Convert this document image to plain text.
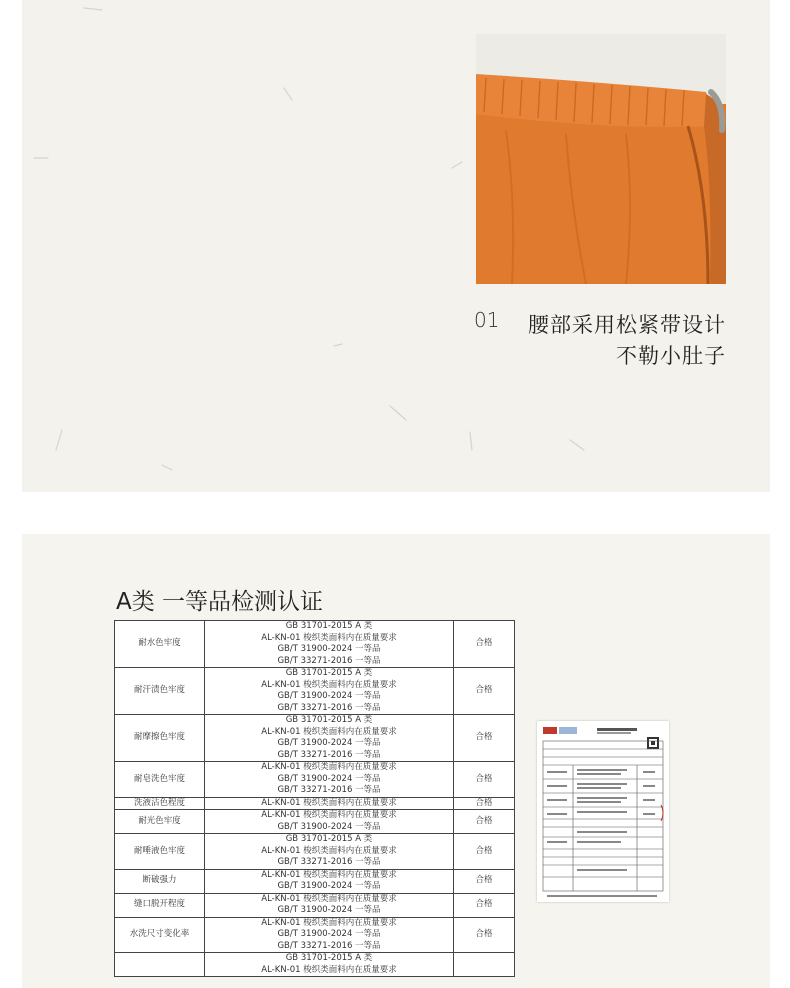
01 腰部采用松紧带设计
不勒小肚子
A类 一等品检测认证
耐水色牢度	GB 31701-2015 A 类
AL-KN-01 梭织类面料内在质量要求
GB/T 31900-2024 一等品
GB/T 33271-2016 一等品	合格
耐汗渍色牢度	GB 31701-2015 A 类
AL-KN-01 梭织类面料内在质量要求
GB/T 31900-2024 一等品
GB/T 33271-2016 一等品	合格
耐摩擦色牢度	GB 31701-2015 A 类
AL-KN-01 梭织类面料内在质量要求
GB/T 31900-2024 一等品
GB/T 33271-2016 一等品	合格
耐皂洗色牢度	AL-KN-01 梭织类面料内在质量要求
GB/T 31900-2024 一等品
GB/T 33271-2016 一等品	合格
洗液沾色程度	AL-KN-01 梭织类面料内在质量要求	合格
耐光色牢度	AL-KN-01 梭织类面料内在质量要求
GB/T 31900-2024 一等品	合格
耐唾液色牢度	GB 31701-2015 A 类
AL-KN-01 梭织类面料内在质量要求
GB/T 33271-2016 一等品	合格
断破强力	AL-KN-01 梭织类面料内在质量要求
GB/T 31900-2024 一等品	合格
缝口脱开程度	AL-KN-01 梭织类面料内在质量要求
GB/T 31900-2024 一等品	合格
水洗尺寸变化率	AL-KN-01 梭织类面料内在质量要求
GB/T 31900-2024 一等品
GB/T 33271-2016 一等品	合格

	GB 31701-2015 A 类
AL-KN-01 梭织类面料内在质量要求	
